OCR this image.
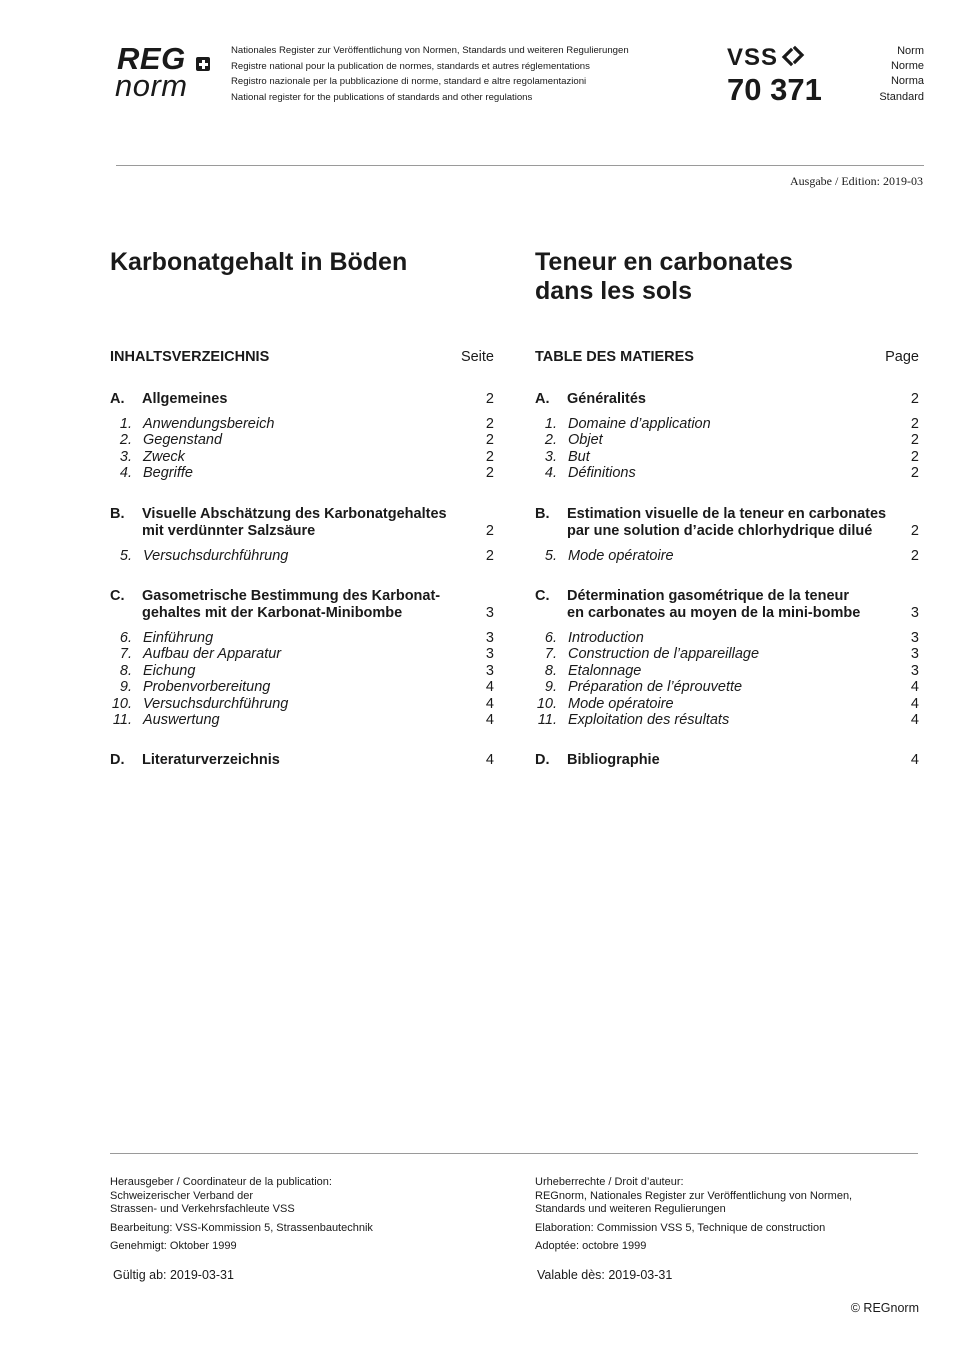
REG
norm
Nationales Register zur Veröffentlichung von Normen, Standards und weiteren Regulierungen
Registre national pour la publication de normes, standards et autres réglementations
Registro nazionale per la pubblicazione di norme, standard e altre regolamentazioni
National register for the publications of standards and other regulations
VSS
70 371
Norm
Norme
Norma
Standard
Ausgabe / Edition: 2019-03
Karbonatgehalt in Böden	Teneur en carbonates
dans les sols
INHALTSVERZEICHNIS	Seite
A.	Allgemeines	2
1. Anwendungsbereich	2
2. Gegenstand	2
3. Zweck	2
4. Begriffe	2
B.	Visuelle Abschätzung des Karbonatgehaltes
mit verdünnter Salzsäure	2
5. Versuchsdurchführung	2
C.	Gasometrische Bestimmung des Karbonat-
gehaltes mit der Karbonat-Minibombe	3
6. Einführung	3
7. Aufbau der Apparatur	3
8. Eichung	3
9. Probenvorbereitung	4
10. Versuchsdurchführung	4
11. Auswertung	4
D.	Literaturverzeichnis	4
TABLE DES MATIERES	Page
A.	Généralités	2
1. Domaine d’application	2
2. Objet	2
3. But	2
4. Définitions	2
B.	Estimation visuelle de la teneur en carbonates
par une solution d’acide chlorhydrique dilué	2
5. Mode opératoire	2
C.	Détermination gasométrique de la teneur
en carbonates au moyen de la mini-bombe	3
6. Introduction	3
7. Construction de l’appareillage	3
8. Etalonnage	3
9. Préparation de l’éprouvette	4
10. Mode opératoire	4
11. Exploitation des résultats	4
D.	Bibliographie	4

Herausgeber / Coordinateur de la publication:
Schweizerischer Verband der
Strassen- und Verkehrsfachleute VSS

Bearbeitung: VSS-Kommission 5, Strassenbautechnik

Genehmigt: Oktober 1999

Urheberrechte / Droit d’auteur:
REGnorm, Nationales Register zur Veröffentlichung von Normen,
Standards und weiteren Regulierungen

Elaboration: Commission VSS 5, Technique de construction

Adoptée: octobre 1999

Gültig ab: 2019-03-31	Valable dès: 2019-03-31
© REGnorm
